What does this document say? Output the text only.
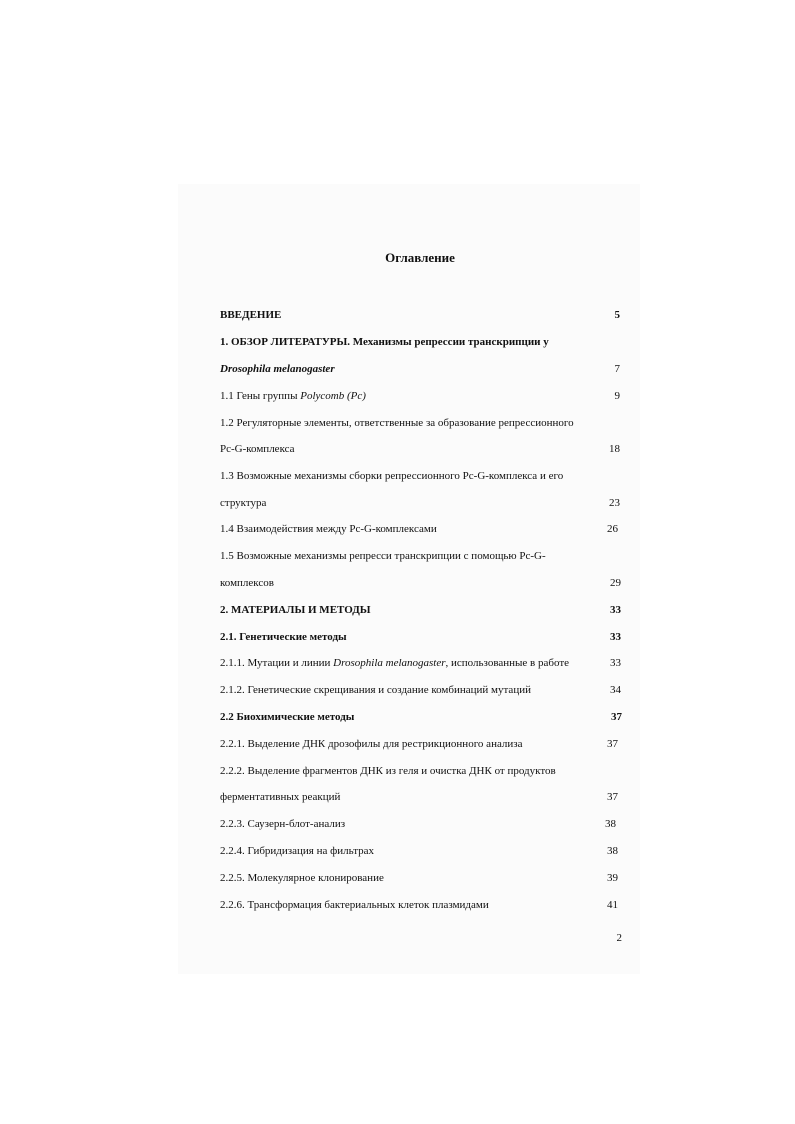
Оглавление
ВВЕДЕНИЕ	5
1. ОБЗОР ЛИТЕРАТУРЫ. Механизмы репрессии транскрипции у
Drosophila melanogaster	7
1.1 Гены группы Polycomb (Pc)	9
1.2 Регуляторные элементы, ответственные за образование репрессионного
Pc-G-комплекса	18
1.3 Возможные механизмы сборки репрессионного Pc-G-комплекса и его
структура	23
1.4 Взаимодействия между Pc-G-комплексами	26
1.5 Возможные механизмы репресси транскрипции с помощью Pc-G-
комплексов	29
2. МАТЕРИАЛЫ И МЕТОДЫ	33
2.1. Генетические методы	33
2.1.1. Мутации и линии Drosophila melanogaster, использованные в работе	33
2.1.2. Генетические скрещивания и создание комбинаций мутаций	34
2.2 Биохимические методы	37
2.2.1. Выделение ДНК дрозофилы для рестрикционного анализа	37
2.2.2. Выделение фрагментов ДНК из геля и очистка ДНК от продуктов
ферментативных реакций	37
2.2.3. Саузерн-блот-анализ	38
2.2.4. Гибридизация на фильтрах	38
2.2.5. Молекулярное клонирование	39
2.2.6. Трансформация бактериальных клеток плазмидами	41
2
